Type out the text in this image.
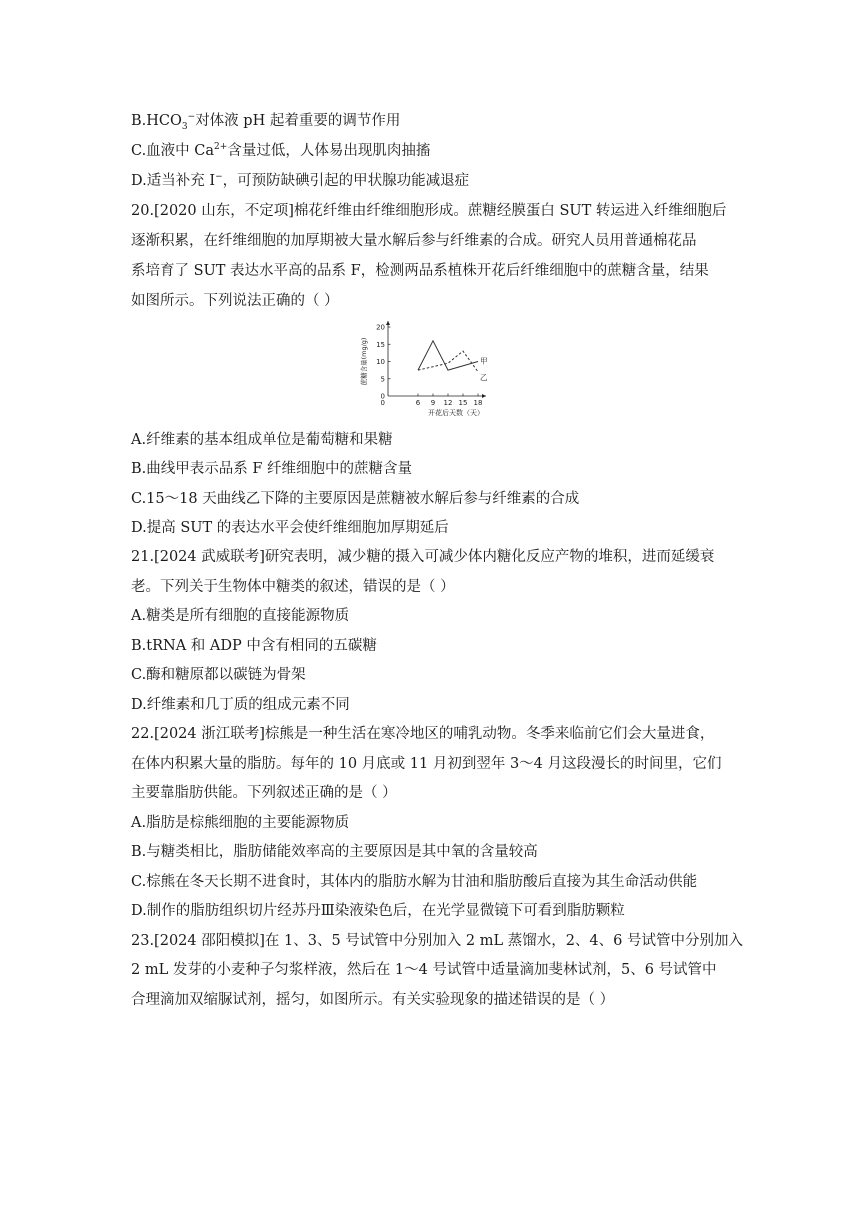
$B.HCO_3^-$对体液 pH 起着重要的调节作用
C.血液中 $Ca^{2+}$含量过低，人体易出现肌肉抽搐
D.适当补充 I−，可预防缺碘引起的甲状腺功能减退症
20.[2020 山东，不定项]棉花纤维由纤维细胞形成。蔗糖经膜蛋白 SUT 转运进入纤维细胞后
逐渐积累，在纤维细胞的加厚期被大量水解后参与纤维素的合成。研究人员用普通棉花品
系培育了 SUT 表达水平高的品系 F，检测两品系植株开花后纤维细胞中的蔗糖含量，结果
如图所示。下列说法正确的（ ）
0
5
10
15
20
0	6 9 12 15 18
开花后天数（天）
蔗糖含量(mg/g)	甲
乙
A.纤维素的基本组成单位是葡萄糖和果糖
B.曲线甲表示品系 F 纤维细胞中的蔗糖含量
C.15～18 天曲线乙下降的主要原因是蔗糖被水解后参与纤维素的合成
D.提高 SUT 的表达水平会使纤维细胞加厚期延后
21.[2024 武威联考]研究表明，减少糖的摄入可减少体内糖化反应产物的堆积，进而延缓衰
老。下列关于生物体中糖类的叙述，错误的是（ ）
A.糖类是所有细胞的直接能源物质
B.tRNA 和 ADP 中含有相同的五碳糖
C.酶和糖原都以碳链为骨架
D.纤维素和几丁质的组成元素不同
22.[2024 浙江联考]棕熊是一种生活在寒冷地区的哺乳动物。冬季来临前它们会大量进食，
在体内积累大量的脂肪。每年的 10 月底或 11 月初到翌年 3～4 月这段漫长的时间里，它们
主要靠脂肪供能。下列叙述正确的是（ ）
A.脂肪是棕熊细胞的主要能源物质
B.与糖类相比，脂肪储能效率高的主要原因是其中氧的含量较高
C.棕熊在冬天长期不进食时，其体内的脂肪水解为甘油和脂肪酸后直接为其生命活动供能
D.制作的脂肪组织切片经苏丹Ⅲ染液染色后，在光学显微镜下可看到脂肪颗粒
23.[2024 邵阳模拟]在 1、3、5 号试管中分别加入 2 mL 蒸馏水，2、4、6 号试管中分别加入
2 mL 发芽的小麦种子匀浆样液，然后在 1～4 号试管中适量滴加斐林试剂，5、6 号试管中
合理滴加双缩脲试剂，摇匀，如图所示。有关实验现象的描述错误的是（ ）
